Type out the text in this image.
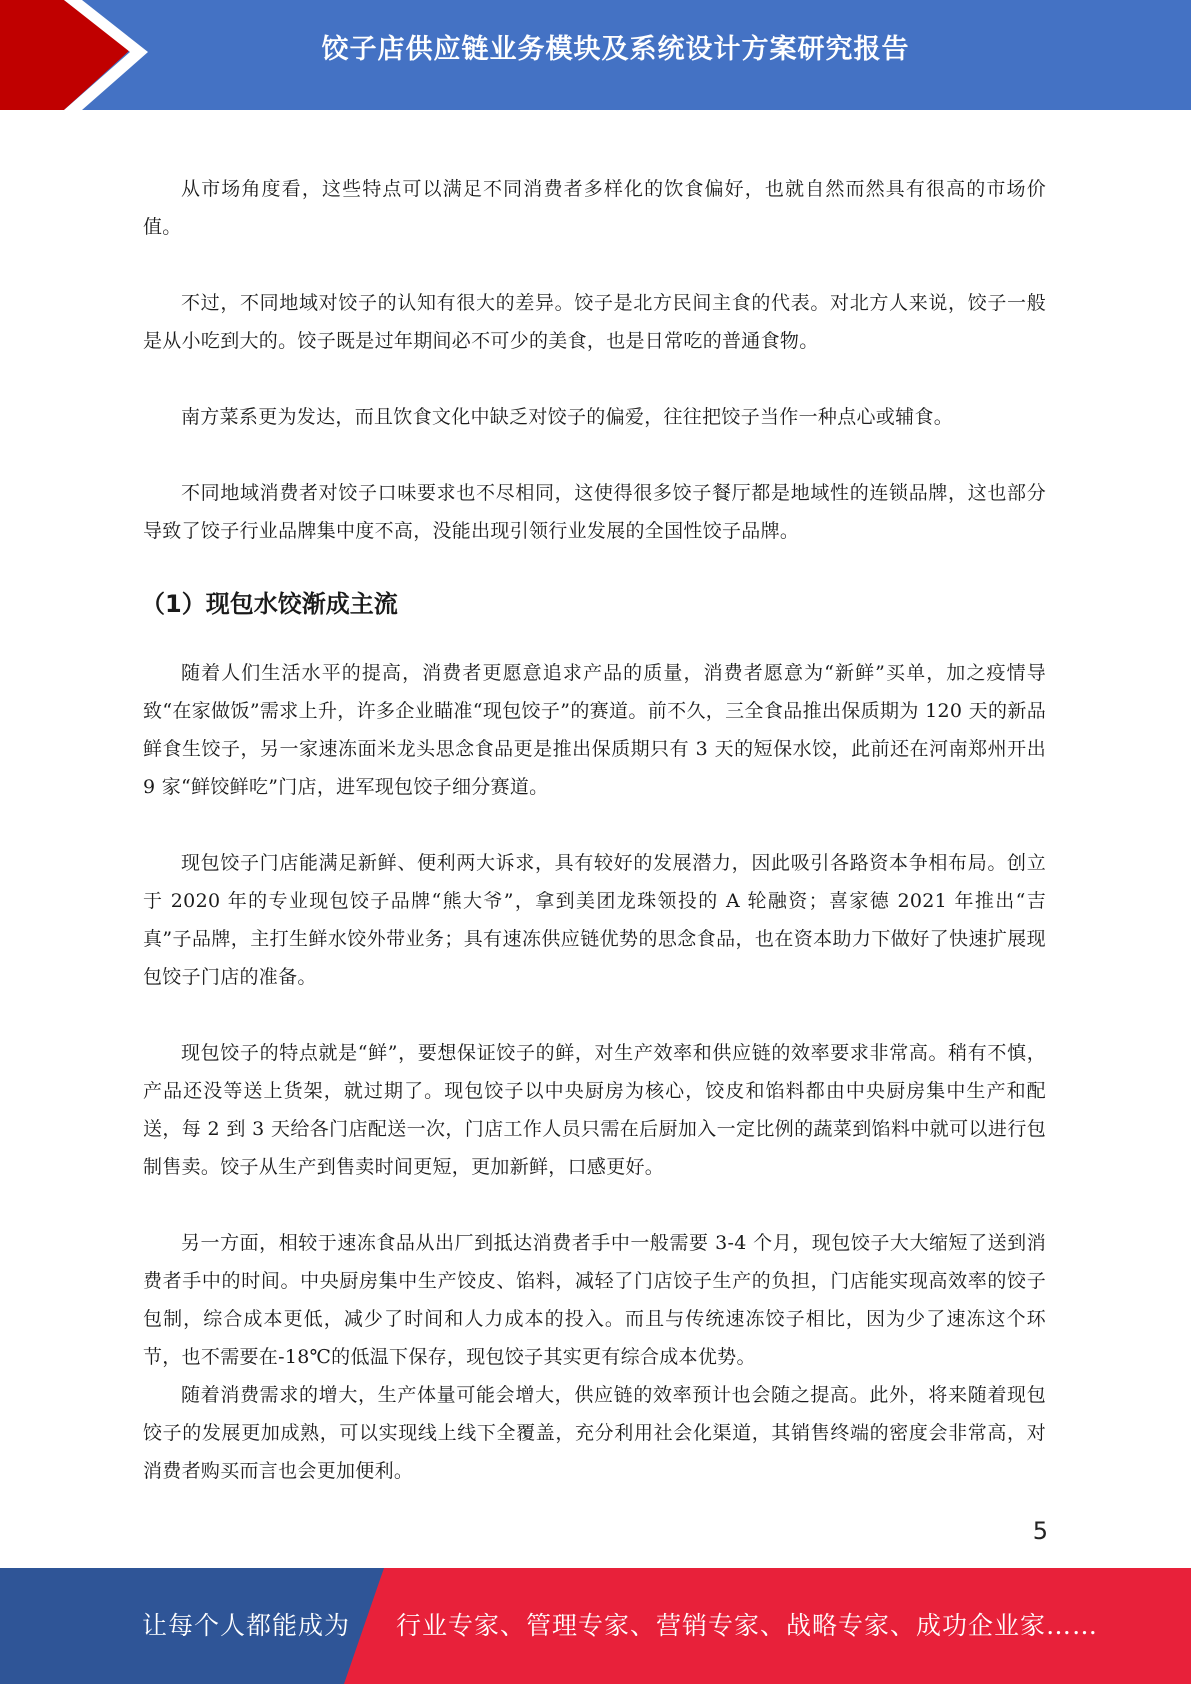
饺子店供应链业务模块及系统设计方案研究报告

从市场角度看，这些特点可以满足不同消费者多样化的饮食偏好，也就自然而然具有很高的市场价值。

不过，不同地域对饺子的认知有很大的差异。饺子是北方民间主食的代表。对北方人来说，饺子一般是从小吃到大的。饺子既是过年期间必不可少的美食，也是日常吃的普通食物。

南方菜系更为发达，而且饮食文化中缺乏对饺子的偏爱，往往把饺子当作一种点心或辅食。

不同地域消费者对饺子口味要求也不尽相同，这使得很多饺子餐厅都是地域性的连锁品牌，这也部分导致了饺子行业品牌集中度不高，没能出现引领行业发展的全国性饺子品牌。

（1）现包水饺渐成主流

随着人们生活水平的提高，消费者更愿意追求产品的质量，消费者愿意为“新鲜”买单，加之疫情导致“在家做饭”需求上升，许多企业瞄准“现包饺子”的赛道。前不久，三全食品推出保质期为 120 天的新品鲜食生饺子，另一家速冻面米龙头思念食品更是推出保质期只有 3 天的短保水饺，此前还在河南郑州开出 9 家“鲜饺鲜吃”门店，进军现包饺子细分赛道。

现包饺子门店能满足新鲜、便利两大诉求，具有较好的发展潜力，因此吸引各路资本争相布局。创立于 2020 年的专业现包饺子品牌“熊大爷”，拿到美团龙珠领投的 A 轮融资；喜家德 2021 年推出“吉真”子品牌，主打生鲜水饺外带业务；具有速冻供应链优势的思念食品，也在资本助力下做好了快速扩展现包饺子门店的准备。

现包饺子的特点就是“鲜”，要想保证饺子的鲜，对生产效率和供应链的效率要求非常高。稍有不慎，产品还没等送上货架，就过期了。现包饺子以中央厨房为核心，饺皮和馅料都由中央厨房集中生产和配送，每 2 到 3 天给各门店配送一次，门店工作人员只需在后厨加入一定比例的蔬菜到馅料中就可以进行包制售卖。饺子从生产到售卖时间更短，更加新鲜，口感更好。

另一方面，相较于速冻食品从出厂到抵达消费者手中一般需要 3-4 个月，现包饺子大大缩短了送到消费者手中的时间。中央厨房集中生产饺皮、馅料，减轻了门店饺子生产的负担，门店能实现高效率的饺子包制，综合成本更低，减少了时间和人力成本的投入。而且与传统速冻饺子相比，因为少了速冻这个环节，也不需要在-18℃的低温下保存，现包饺子其实更有综合成本优势。

随着消费需求的增大，生产体量可能会增大，供应链的效率预计也会随之提高。此外，将来随着现包饺子的发展更加成熟，可以实现线上线下全覆盖，充分利用社会化渠道，其销售终端的密度会非常高，对消费者购买而言也会更加便利。

5
让每个人都能成为 行业专家、管理专家、营销专家、战略专家、成功企业家……
